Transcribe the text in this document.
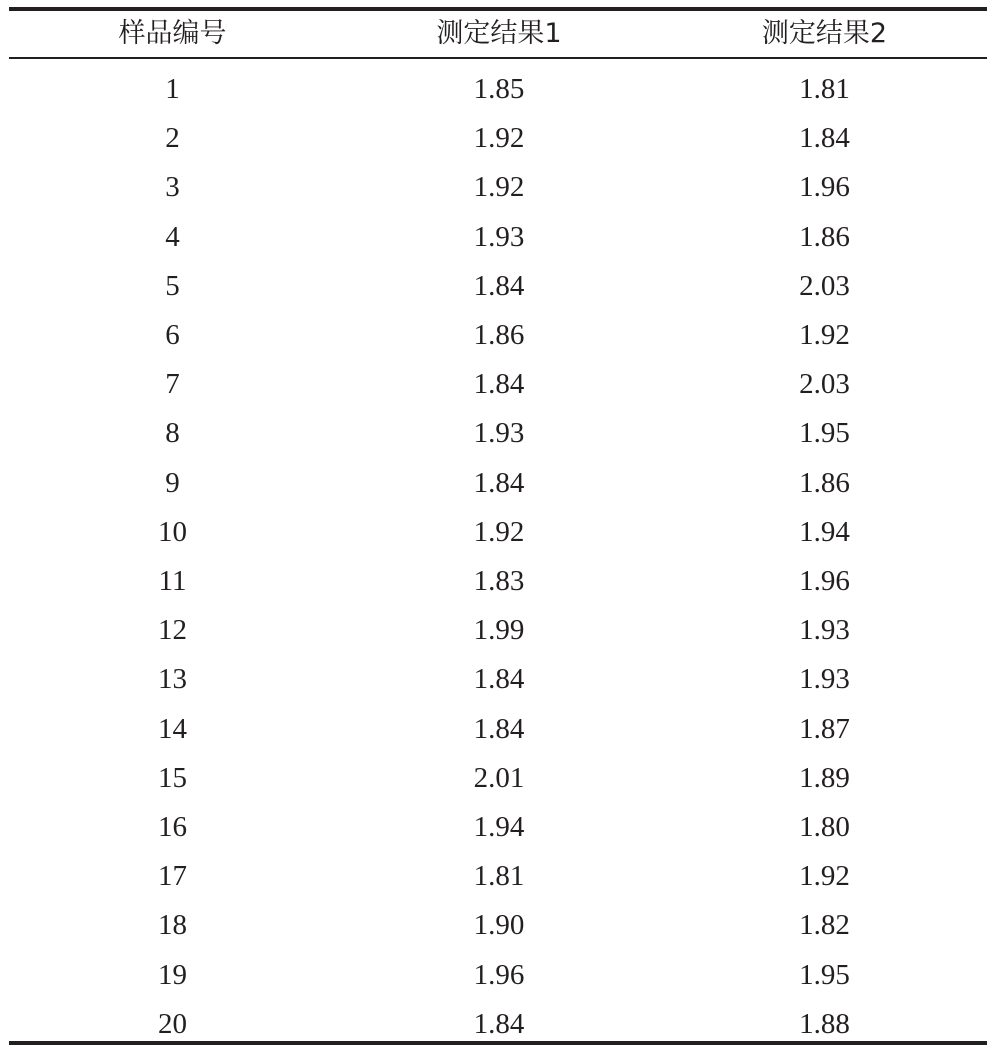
样品编号	测定结果1	测定结果2
1	1.85	1.81
2	1.92	1.84
3	1.92	1.96
4	1.93	1.86
5	1.84	2.03
6	1.86	1.92
7	1.84	2.03
8	1.93	1.95
9	1.84	1.86
10	1.92	1.94
11	1.83	1.96
12	1.99	1.93
13	1.84	1.93
14	1.84	1.87
15	2.01	1.89
16	1.94	1.80
17	1.81	1.92
18	1.90	1.82
19	1.96	1.95
20	1.84	1.88
